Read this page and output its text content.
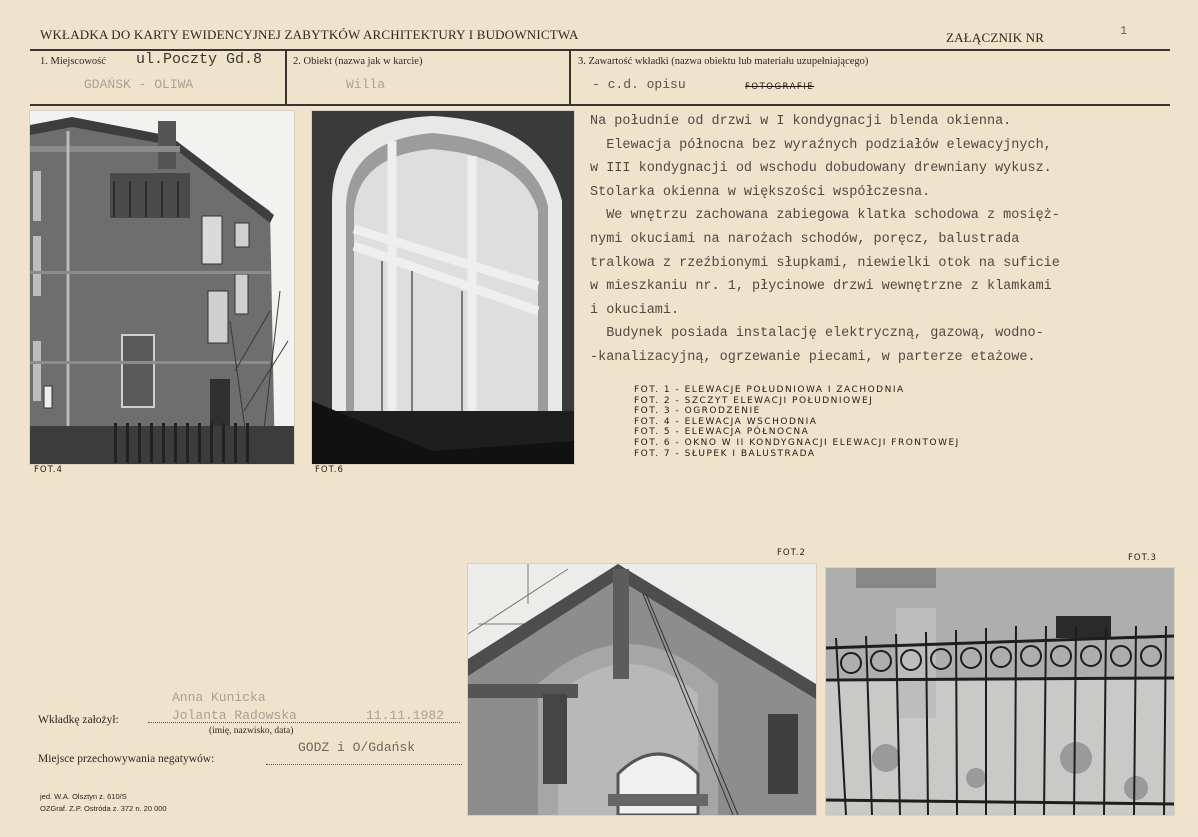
WKŁADKA DO KARTY EWIDENCYJNEJ ZABYTKÓW ARCHITEKTURY I BUDOWNICTWA	ZAŁĄCZNIK NR	1
1. Miejscowość ul.Poczty Gd.8
GDAŃSK - OLIWA
2. Obiekt (nazwa jak w karcie)
Willa
3. Zawartość wkładki (nazwa obiektu lub materiału uzupełniającego)
- c.d. opisu	FOTOGRAFIE
Na południe od drzwi w I kondygnacji blenda okienna.
Elewacja północna bez wyraźnych podziałów elewacyjnych,
w III kondygnacji od wschodu dobudowany drewniany wykusz.
Stolarka okienna w większości współczesna.
We wnętrzu zachowana zabiegowa klatka schodowa z mosięż-
nymi okuciami na narożach schodów, poręcz, balustrada
tralkowa z rzeźbionymi słupkami, niewielki otok na suficie
w mieszkaniu nr. 1, płycinowe drzwi wewnętrzne z klamkami
i okuciami.
Budynek posiada instalację elektryczną, gazową, wodno-
-kanalizacyjną, ogrzewanie piecami, w parterze etażowe.
FOT. 1 - ELEWACJE POŁUDNIOWA I ZACHODNIA
FOT. 2 - SZCZYT ELEWACJI POŁUDNIOWEJ
FOT. 3 - OGRODZENIE
FOT. 4 - ELEWACJA WSCHODNIA
FOT. 5 - ELEWACJA PÓŁNOCNA
FOT. 6 - OKNO W II KONDYGNACJI ELEWACJI FRONTOWEJ
FOT. 7 - SŁUPEK I BALUSTRADA
FOT.4	FOT.6
FOT.2	FOT.3
Anna Kunicka
Wkładkę założył:	Jolanta Radowska	11.11.1982
(imię, nazwisko, data)
Miejsce przechowywania negatywów:
GODZ i O/Gdańsk
jed. W.A. Olsztyn z. 610/S
OZGraf. Z.P. Ostróda z. 372 n. 20 000
